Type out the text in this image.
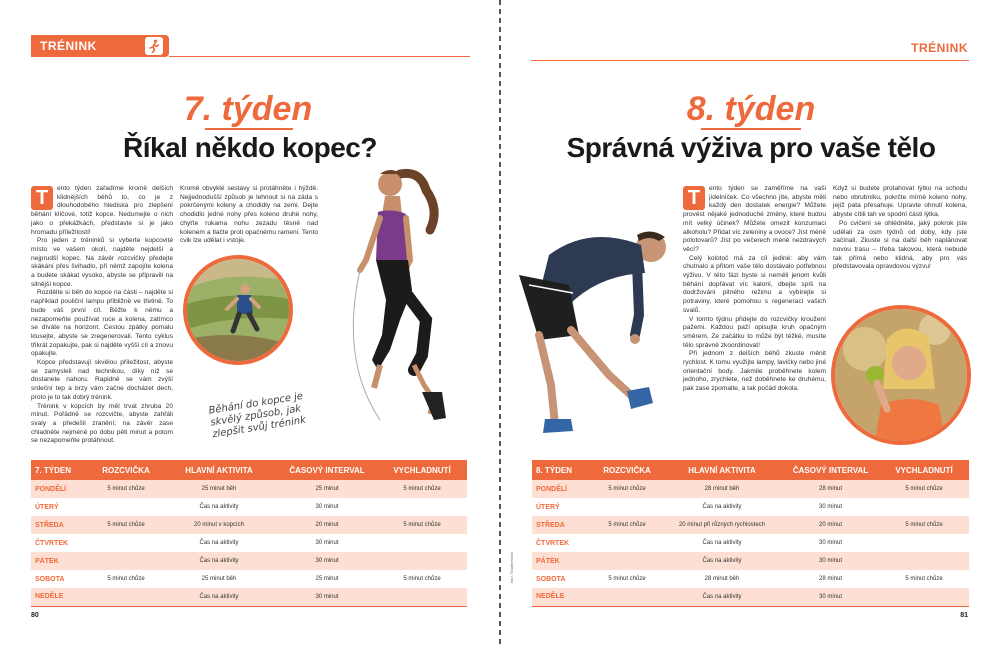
TRÉNINK
7. týden
Říkal někdo kopec?
T	ento týden zařadíme kromě delších klidnějších běhů to, co je z dlouhodobého hlediska pro zlepšení běhání klíčové, totiž kopce. Nedumejte o nich jako o překážkách, představte si je jako hromadu příležitostí!

Pro jeden z tréninků si vyberte kopcovité místo ve vašem okolí, najděte nejdelší a nejprudší kopec. Na závěr rozcvičky předejte skákání přes švihadlo, při němž zapojíte kolena a budete skákat vysoko, abyste se připravili na silnější kopce.

Rozdělte si běh do kopce na části – najděte si například pouliční lampu přibližně ve třetině. To bude váš první cíl. Běžte k němu a nezapomeňte používat ruce a kolena, zatímco se díváte na horizont. Cestou zpátky pomalu klusejte, abyste se zregenerovali. Tento cyklus třikrát zopakujte, pak si najděte vyšší cíl a znovu opakujte.

Kopce představují skvělou příležitost, abyste se zamysleli nad technikou, díky níž se dostanete nahoru. Rapidně se vám zvýší srdeční tep a brzy vám začne docházet dech, proto je to tak dobrý trénink.

Trénink v kopcích by měl trvat zhruba 20 minut. Pořádně se rozcvičte, abyste zahřáli svaly a předešli zranění; na závěr zase chladněte nejméně po dobu pěti minut a potom se nezapomeňte protáhnout.

Kromě obvyklé sestavy si protáhněte i hýždě. Nejjednodušší způsob je lehnout si na záda s pokrčenými koleny a chodidly na zemi. Dejte chodidlo jedné nohy přes koleno druhé nohy, chyťte rukama nohu zezadu těsně nad kolenem a tlačte proti opačnému rameni. Tento cvik lze udělat i vstoje.

Běhání do kopce je skvělý způsob, jak zlepšit svůj trénink
7. TÝDEN	ROZCVIČKA	HLAVNÍ AKTIVITA	ČASOVÝ INTERVAL	VYCHLADNUTÍ
PONDĚLÍ	5 minut chůze	25 minut běh	25 minut	5 minut chůze
ÚTERÝ		Čas na aktivity	30 minut	
STŘEDA	5 minut chůze	20 minut v kopcích	20 minut	5 minut chůze
ČTVRTEK		Čas na aktivity	30 minut	
PÁTEK		Čas na aktivity	30 minut	
SOBOTA	5 minut chůze	25 minut běh	25 minut	5 minut chůze
NEDĚLE		Čas na aktivity	30 minut	
80
TRÉNINK
8. týden
Správná výživa pro vaše tělo
T	ento týden se zaměříme na vaši jídelníček. Co všechno jíte, abyste měli každý den dostatek energie? Můžete provést nějaké jednoduché změny, které budou mít velký účinek? Můžete omezit konzumaci alkoholu? Přidat víc zeleniny a ovoce? Jíst méně polotovarů? Jíst po večerech méně nezdravých věcí?

Celý kolotoč má za cíl jediné: aby vám chutnalo a přitom vaše tělo dostávalo potřebnou výživu. V této fázi byste si neměli jenom kvůli běhání dopřávat víc kalorií, dbejte spíš na dodržování pitného režimu a vybírejte si potraviny, které pomohou s regenerací vašich svalů.

V tomto týdnu přidejte do rozcvičky kroužení pažemi. Každou paží opisujte kruh opačným směrem. Ze začátku to může být těžké, musíte tělo správně zkoordinovat!

Při jednom z delších běhů zkuste měnit rychlost. K tomu využijte lampy, lavičky nebo jiné orientační body. Jakmile proběhnete kolem jednoho, zrychlete, než doběhnete ke druhému, pak zase zpomalte, a tak počád dokola.

Když si budete protahovat lýtko na schodu nebo obrubníku, pokrčte mírně koleno nohy, jejíž pata přesahuje. Upravte ohnutí kolena, abyste cítili tah ve spodní části lýtka.

Po cvičení se ohlédněte, jaký pokrok jste udělali za osm týdnů od doby, kdy jste začínali. Zkuste si na další běh naplánovat novou trasu – třeba takovou, která nebude tak přímá nebo klidná, aby pro vás představovala opravdovou výzvu!

8. TÝDEN	ROZCVIČKA	HLAVNÍ AKTIVITA	ČASOVÝ INTERVAL	VYCHLADNUTÍ
PONDĚLÍ	5 minut chůze	28 minut běh	28 minut	5 minut chůze
ÚTERÝ		Čas na aktivity	30 minut	
STŘEDA	5 minut chůze	20 minut při různých rychlostech	20 minut	5 minut chůze
ČTVRTEK		Čas na aktivity	30 minut	
PÁTEK		Čas na aktivity	30 minut	
SOBOTA	5 minut chůze	28 minut běh	28 minut	5 minut chůze
NEDĚLE		Čas na aktivity	30 minut	
foto: Shutterstock
81
